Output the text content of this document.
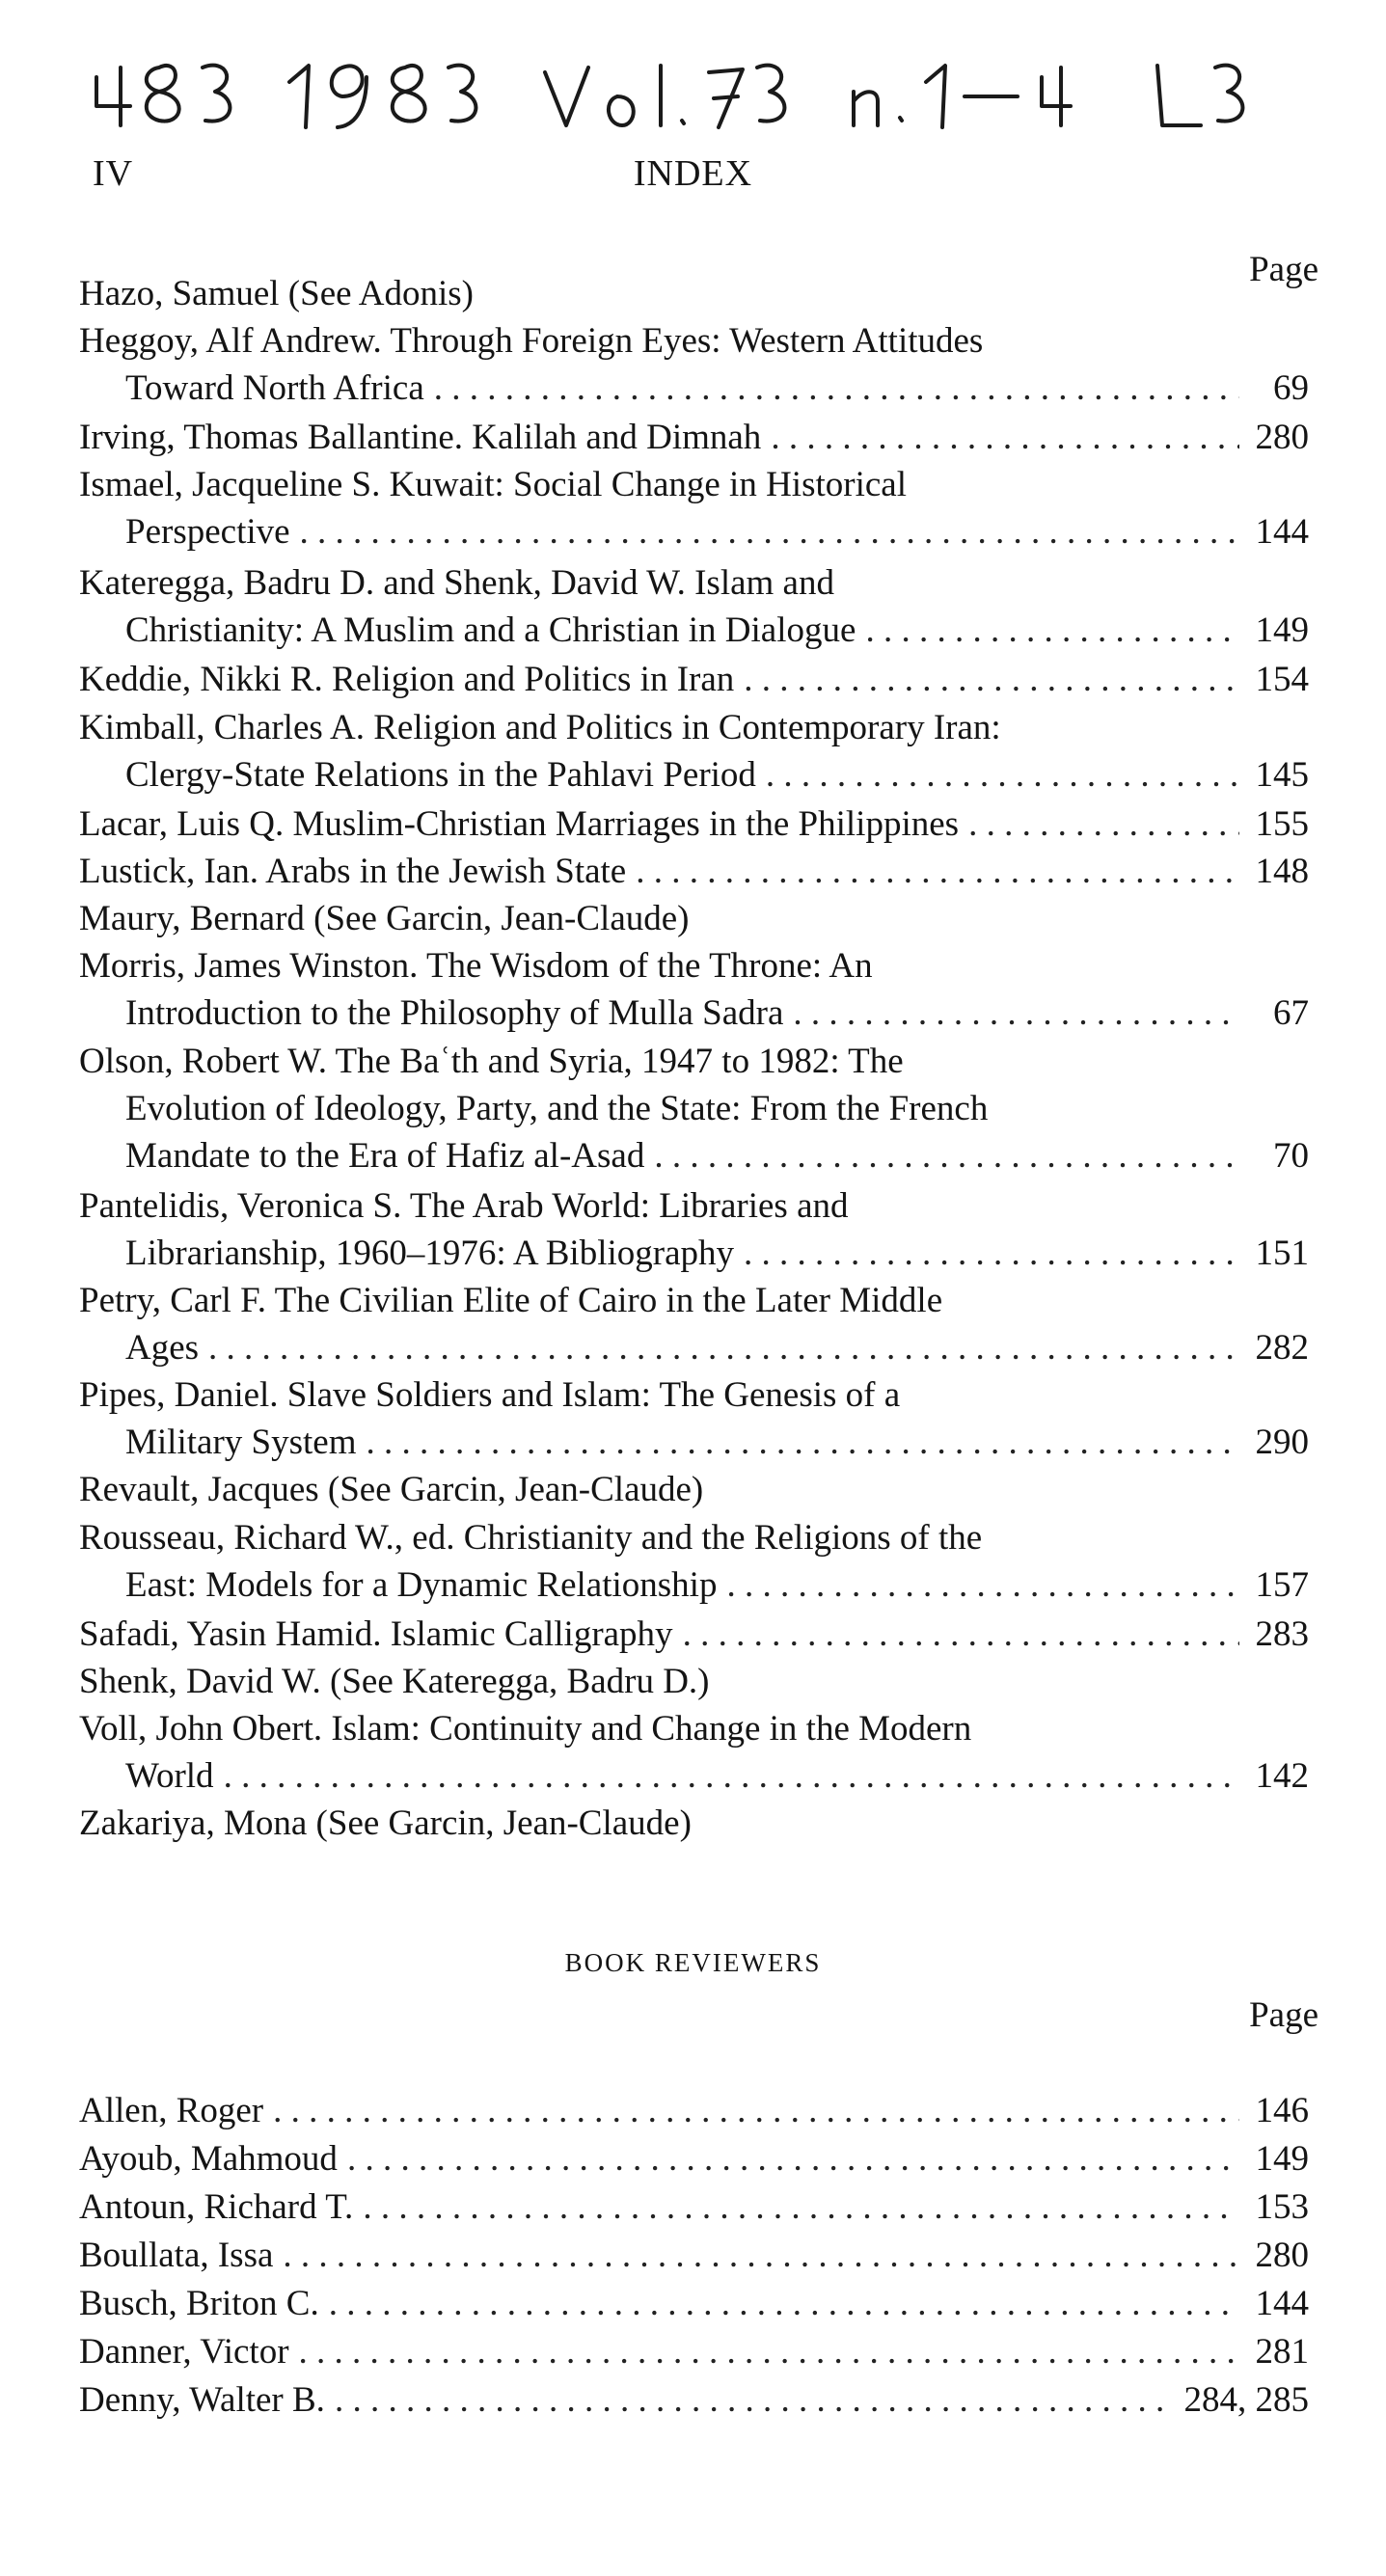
IV	INDEX
Page
Hazo, Samuel (See Adonis)
Heggoy, Alf Andrew. Through Foreign Eyes: Western Attitudes
Toward North Africa . . .	69
Irving, Thomas Ballantine. Kalilah and Dimnah . . .	280
Ismael, Jacqueline S. Kuwait: Social Change in Historical
Perspective . . .	144
Kateregga, Badru D. and Shenk, David W. Islam and
Christianity: A Muslim and a Christian in Dialogue . . .	149
Keddie, Nikki R. Religion and Politics in Iran . . .	154
Kimball, Charles A. Religion and Politics in Contemporary Iran:
Clergy-State Relations in the Pahlavi Period . . .	145
Lacar, Luis Q. Muslim-Christian Marriages in the Philippines . . .	155
Lustick, Ian. Arabs in the Jewish State . . .	148
Maury, Bernard (See Garcin, Jean-Claude)
Morris, James Winston. The Wisdom of the Throne: An
Introduction to the Philosophy of Mulla Sadra . . .	67
Olson, Robert W. The Baʿth and Syria, 1947 to 1982: The
Evolution of Ideology, Party, and the State: From the French
Mandate to the Era of Hafiz al-Asad . . .	70
Pantelidis, Veronica S. The Arab World: Libraries and
Librarianship, 1960–1976: A Bibliography . . .	151
Petry, Carl F. The Civilian Elite of Cairo in the Later Middle
Ages . . .	282
Pipes, Daniel. Slave Soldiers and Islam: The Genesis of a
Military System . . .	290
Revault, Jacques (See Garcin, Jean-Claude)
Rousseau, Richard W., ed. Christianity and the Religions of the
East: Models for a Dynamic Relationship . . .	157
Safadi, Yasin Hamid. Islamic Calligraphy . . .	283
Shenk, David W. (See Kateregga, Badru D.)
Voll, John Obert. Islam: Continuity and Change in the Modern
World . . .	142
Zakariya, Mona (See Garcin, Jean-Claude)
BOOK REVIEWERS
Page
Allen, Roger . . .	146
Ayoub, Mahmoud . . .	149
Antoun, Richard T. . . .	153
Boullata, Issa . . .	280
Busch, Briton C. . . .	144
Danner, Victor . . .	281
Denny, Walter B. . . .	284, 285
